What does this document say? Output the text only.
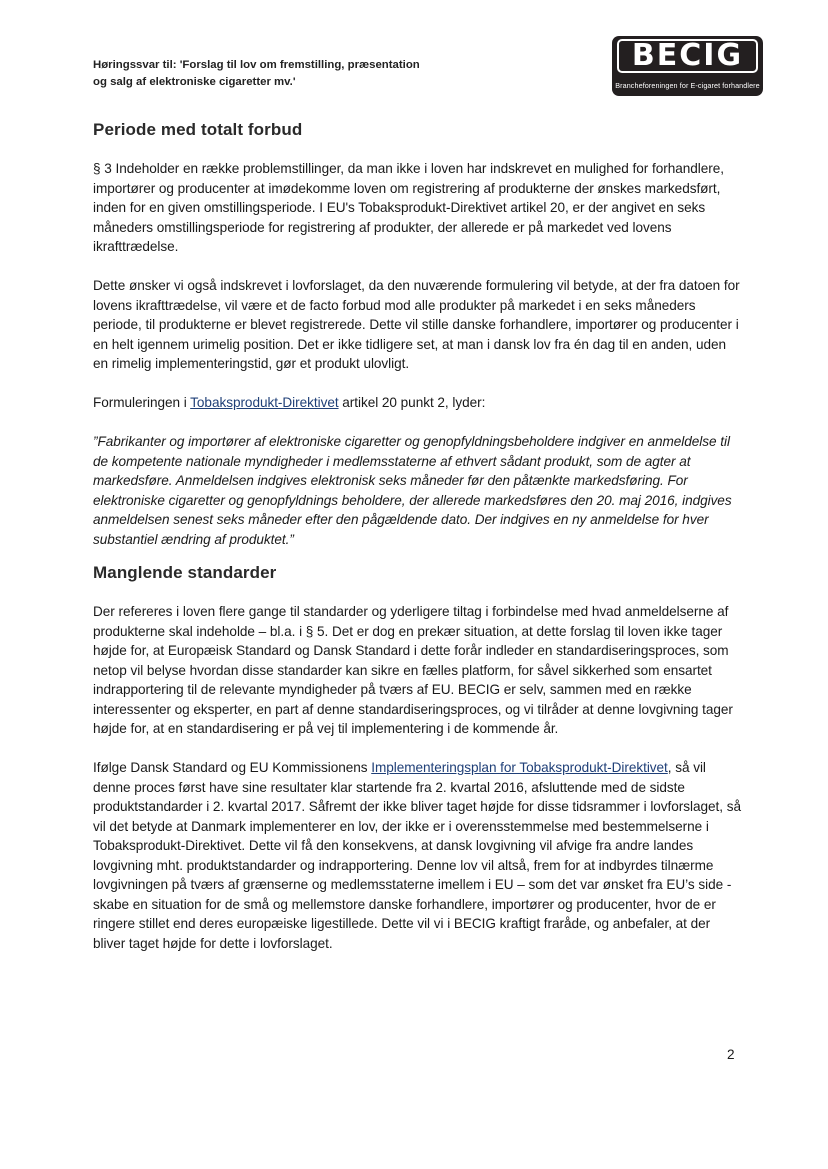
Høringssvar til: 'Forslag til lov om fremstilling, præsentation
og salg af elektroniske cigaretter mv.'
BECIG
Brancheforeningen for E-cigaret forhandlere
Periode med totalt forbud

§ 3 Indeholder en række problemstillinger, da man ikke i loven har indskrevet en mulighed for forhandlere, importører og producenter at imødekomme loven om registrering af produkterne der ønskes markedsført, inden for en given omstillingsperiode. I EU's Tobaksprodukt-Direktivet artikel 20, er der angivet en seks måneders omstillingsperiode for registrering af produkter, der allerede er på markedet ved lovens ikrafttrædelse.

Dette ønsker vi også indskrevet i lovforslaget, da den nuværende formulering vil betyde, at der fra datoen for lovens ikrafttrædelse, vil være et de facto forbud mod alle produkter på markedet i en seks måneders periode, til produkterne er blevet registrerede. Dette vil stille danske forhandlere, importører og producenter i en helt igennem urimelig position. Det er ikke tidligere set, at man i dansk lov fra én dag til en anden, uden en rimelig implementeringstid, gør et produkt ulovligt.

Formuleringen i Tobaksprodukt-Direktivet artikel 20 punkt 2, lyder:

”Fabrikanter og importører af elektroniske cigaretter og genopfyldningsbeholdere indgiver en anmeldelse til de kompetente nationale myndigheder i medlemsstaterne af ethvert sådant produkt, som de agter at markedsføre. Anmeldelsen indgives elektronisk seks måneder før den påtænkte markedsføring. For elektroniske cigaretter og genopfyldnings beholdere, der allerede markedsføres den 20. maj 2016, indgives anmeldelsen senest seks måneder efter den pågældende dato. Der indgives en ny anmeldelse for hver substantiel ændring af produktet.”

Manglende standarder

Der refereres i loven flere gange til standarder og yderligere tiltag i forbindelse med hvad anmeldelserne af produkterne skal indeholde – bl.a. i § 5. Det er dog en prekær situation, at dette forslag til loven ikke tager højde for, at Europæisk Standard og Dansk Standard i dette forår indleder en standardiseringsproces, som netop vil belyse hvordan disse standarder kan sikre en fælles platform, for såvel sikkerhed som ensartet indrapportering til de relevante myndigheder på tværs af EU. BECIG er selv, sammen med en række interessenter og eksperter, en part af denne standardiseringsproces, og vi tilråder at denne lovgivning tager højde for, at en standardisering er på vej til implementering i de kommende år.

Ifølge Dansk Standard og EU Kommissionens Implementeringsplan for Tobaksprodukt-Direktivet, så vil denne proces først have sine resultater klar startende fra 2. kvartal 2016, afsluttende med de sidste produktstandarder i 2. kvartal 2017. Såfremt der ikke bliver taget højde for disse tidsrammer i lovforslaget, så vil det betyde at Danmark implementerer en lov, der ikke er i overensstemmelse med bestemmelserne i Tobaksprodukt-Direktivet. Dette vil få den konsekvens, at dansk lovgivning vil afvige fra andre landes lovgivning mht. produktstandarder og indrapportering. Denne lov vil altså, frem for at indbyrdes tilnærme lovgivningen på tværs af grænserne og medlemsstaterne imellem i EU – som det var ønsket fra EU’s side - skabe en situation for de små og mellemstore danske forhandlere, importører og producenter, hvor de er ringere stillet end deres europæiske ligestillede. Dette vil vi i BECIG kraftigt fraråde, og anbefaler, at der bliver taget højde for dette i lovforslaget.

2
